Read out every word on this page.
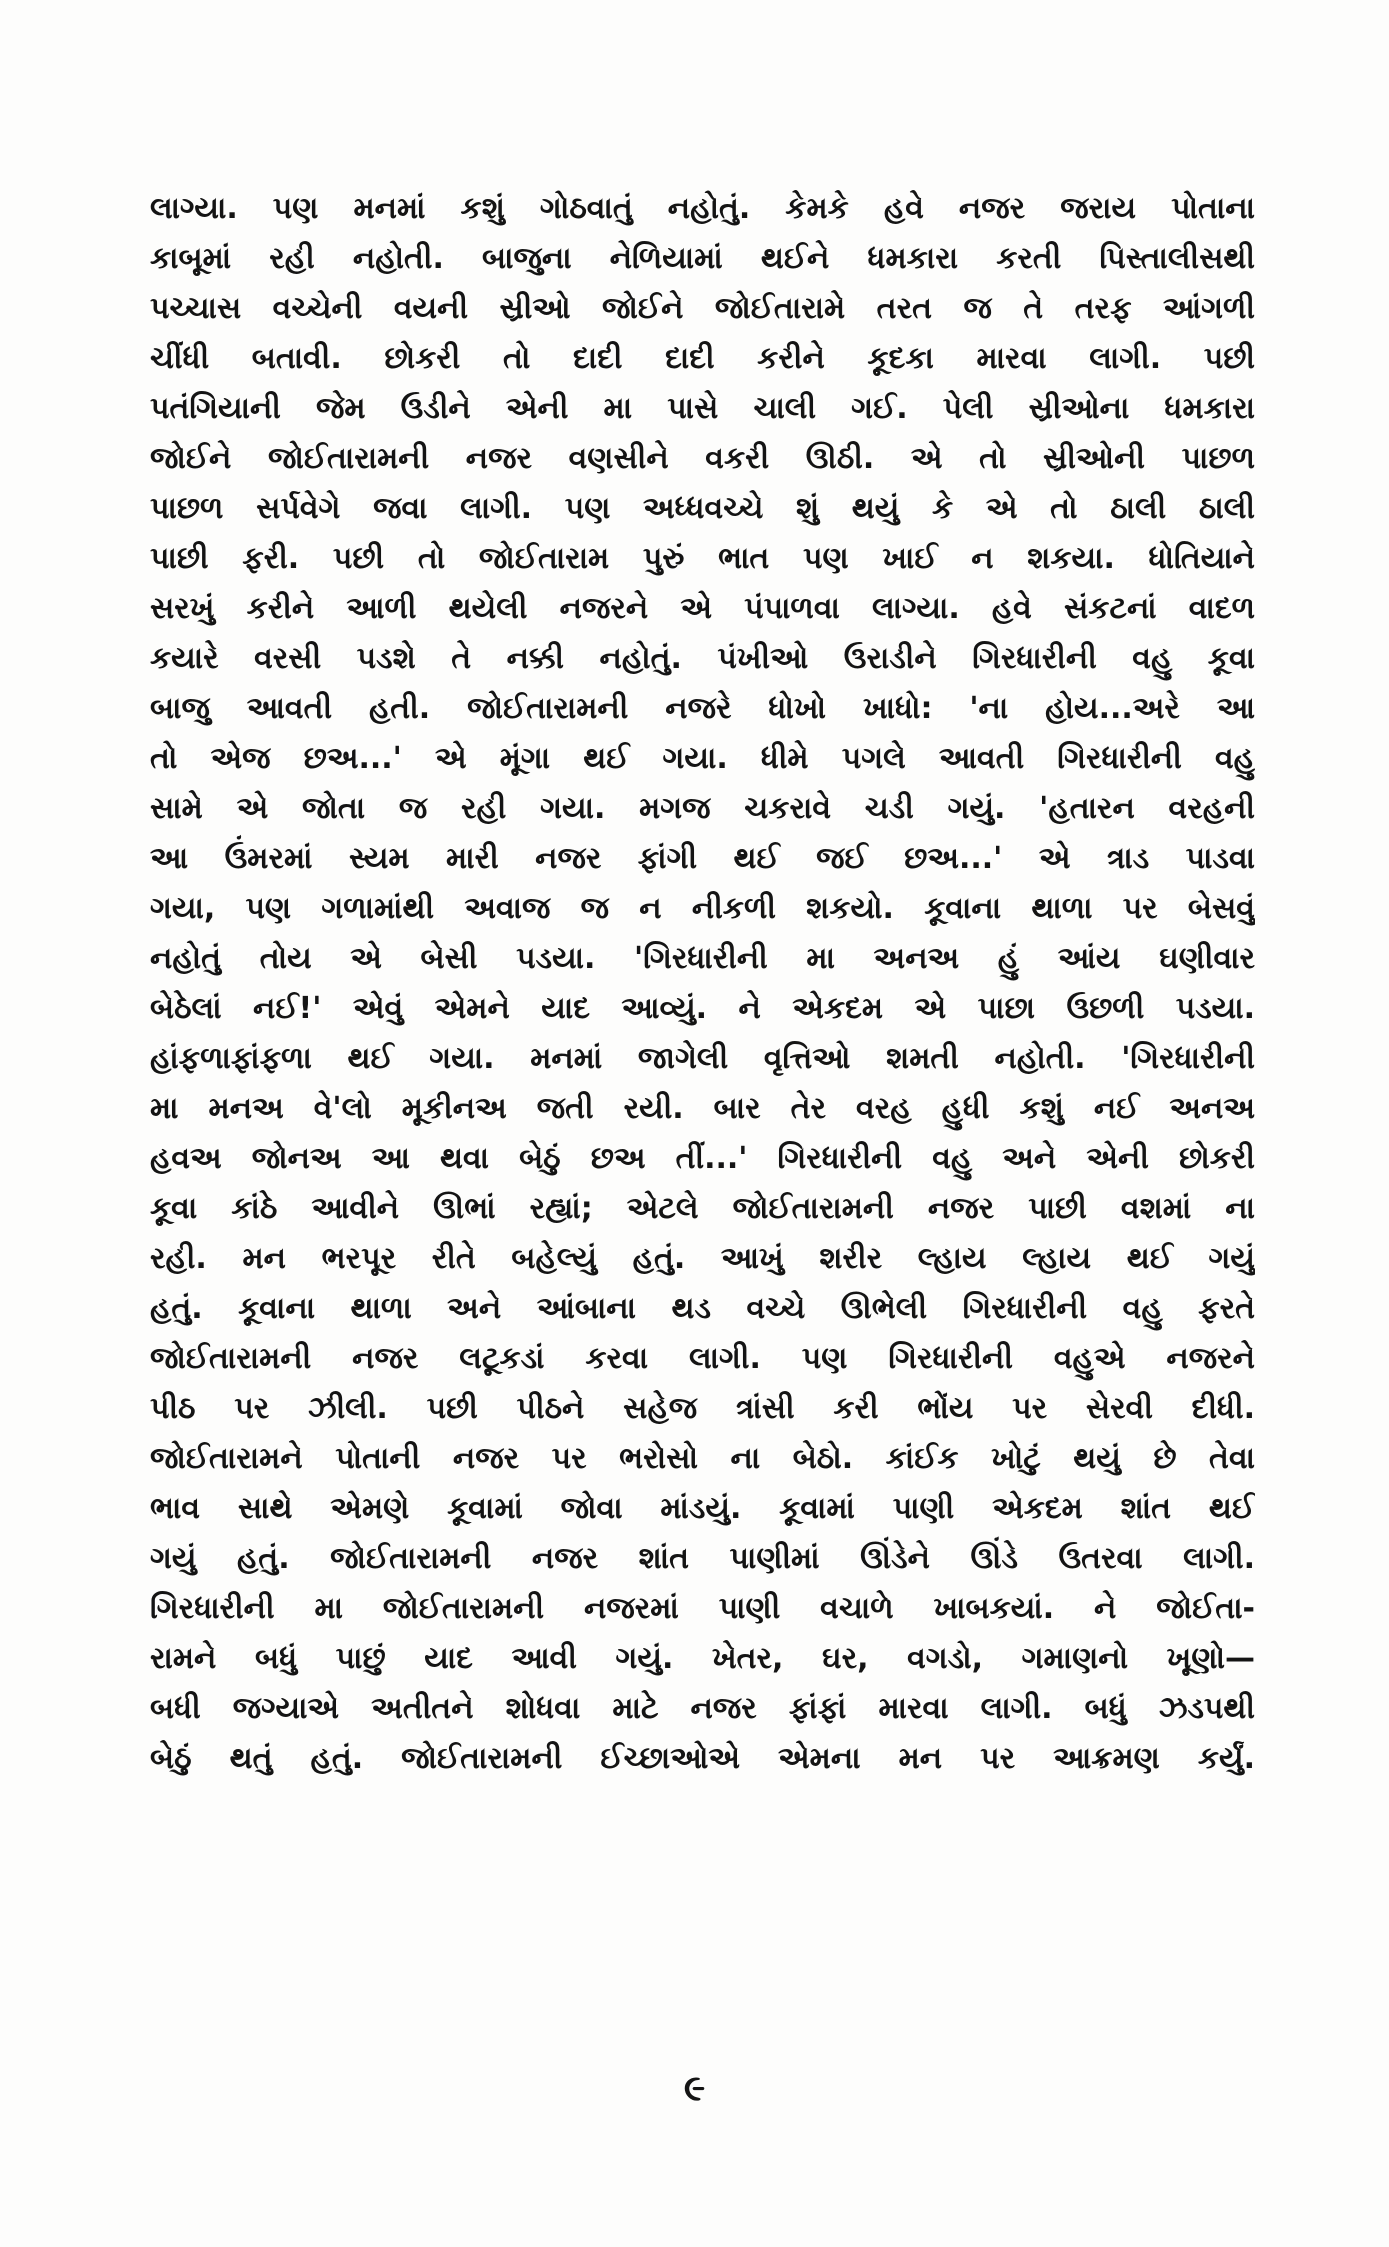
લાગ્યા. પણ મનમાં કશું ગોઠવાતું નહોતું. કેમકે હવે નજર જરાય પોતાના
કાબૂમાં રહી નહોતી. બાજુના નેળિયામાં થઈને ધમકારા કરતી પિસ્તાલીસથી
પચ્ચાસ વચ્ચેની વયની સ્રીઓ જોઈને જોઈતારામે તરત જ તે તરફ આંગળી
ચીંધી બતાવી. છોકરી તો દાદી દાદી કરીને કૂદકા મારવા લાગી. પછી
પતંગિયાની જેમ ઉડીને એની મા પાસે ચાલી ગઈ. પેલી સ્રીઓના ધમકારા
જોઈને જોઈતારામની નજર વણસીને વકરી ઊઠી. એ તો સ્રીઓની પાછળ
પાછળ સર્પવેગે જવા લાગી. પણ અધ્ધવચ્ચે શું થયું કે એ તો ઠાલી ઠાલી
પાછી ફરી. પછી તો જોઈતારામ પુરું ભાત પણ ખાઈ ન શકયા. ધોતિયાને
સરખું કરીને આળી થયેલી નજરને એ પંપાળવા લાગ્યા. હવે સંકટનાં વાદળ
કયારે વરસી પડશે તે નક્કી નહોતું. પંખીઓ ઉરાડીને ગિરધારીની વહુ કૂવા
બાજુ આવતી હતી. જોઈતારામની નજરે ધોખો ખાધો: 'ના હોય...અરે આ
તો એજ છઅ...' એ મૂંગા થઈ ગયા. ધીમે પગલે આવતી ગિરધારીની વહુ
સામે એ જોતા જ રહી ગયા. મગજ ચકરાવે ચડી ગયું. 'હતારન વરહની
આ ઉંમરમાં સ્યમ મારી નજર ફાંગી થઈ જઈ છઅ...' એ ત્રાડ પાડવા
ગયા, પણ ગળામાંથી અવાજ જ ન નીકળી શકયો. કૂવાના થાળા પર બેસવું
નહોતું તોય એ બેસી પડયા. 'ગિરધારીની મા અનઅ હું આંય ઘણીવાર
બેઠેલાં નઈ!' એવું એમને યાદ આવ્યું. ને એકદમ એ પાછા ઉછળી પડયા.
હાંફળાફાંફળા થઈ ગયા. મનમાં જાગેલી વૃત્તિઓ શમતી નહોતી. 'ગિરધારીની
મા મનઅ વે'લો મૂકીનઅ જતી રયી. બાર તેર વરહ હુધી કશું નઈ અનઅ
હવઅ જોનઅ આ થવા બેઠું છઅ તીં...' ગિરધારીની વહુ અને એની છોકરી
કૂવા કાંઠે આવીને ઊભાં રહ્યાં; એટલે જોઈતારામની નજર પાછી વશમાં ના
રહી. મન ભરપૂર રીતે બહેલ્યું હતું. આખું શરીર લ્હાય લ્હાય થઈ ગયું
હતું. કૂવાના થાળા અને આંબાના થડ વચ્ચે ઊભેલી ગિરધારીની વહુ ફરતે
જોઈતારામની નજર લટૂકડાં કરવા લાગી. પણ ગિરધારીની વહુએ નજરને
પીઠ પર ઝીલી. પછી પીઠને સહેજ ત્રાંસી કરી ભોંય પર સેરવી દીધી.
જોઈતારામને પોતાની નજર પર ભરોસો ના બેઠો. કાંઈક ખોટું થયું છે તેવા
ભાવ સાથે એમણે કૂવામાં જોવા માંડયું. કૂવામાં પાણી એકદમ શાંત થઈ
ગયું હતું. જોઈતારામની નજર શાંત પાણીમાં ઊંડેને ઊંડે ઉતરવા લાગી.
ગિરધારીની મા જોઈતારામની નજરમાં પાણી વચાળે ખાબકયાં. ને જોઈતા-
રામને બધું પાછું યાદ આવી ગયું. ખેતર, ઘર, વગડો, ગમાણનો ખૂણો—
બધી જગ્યાએ અતીતને શોધવા માટે નજર ફાંફાં મારવા લાગી. બધું ઝડપથી
બેઠું થતું હતું. જોઈતારામની ઈચ્છાઓએ એમના મન પર આક્રમણ કર્યું.
૯
